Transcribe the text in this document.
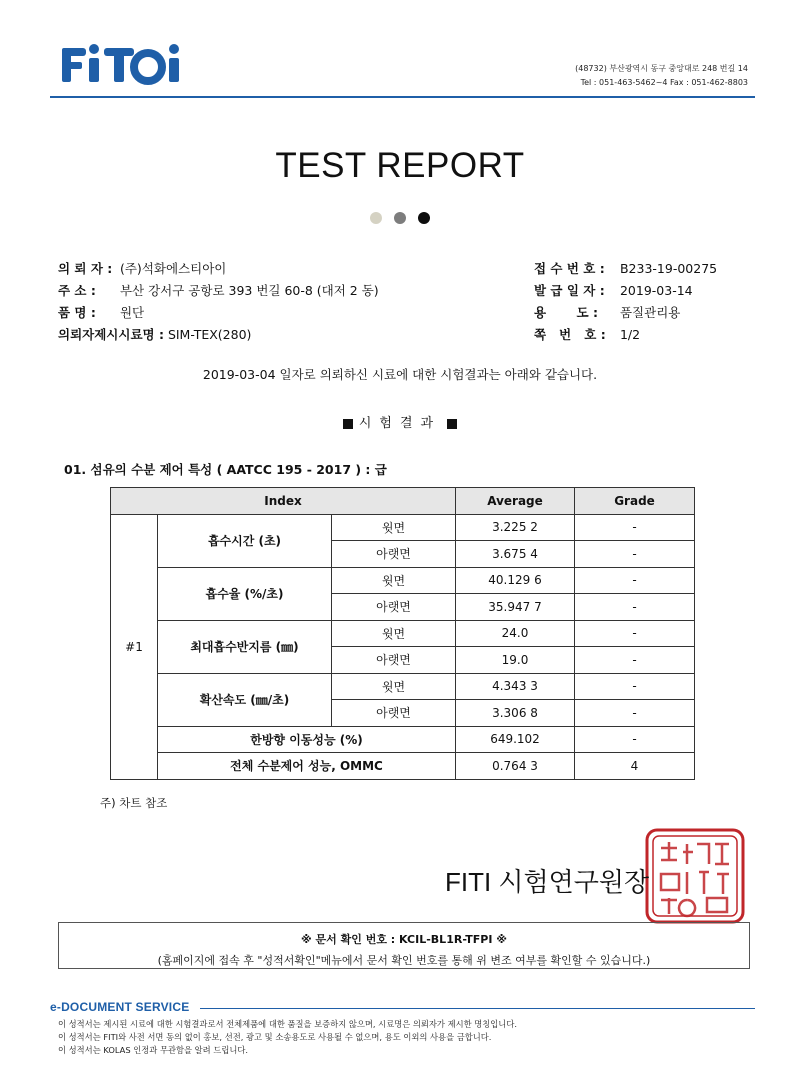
(48732) 부산광역시 동구 중앙대로 248 번길 14
Tel : 051-463-5462~4 Fax : 051-462-8803
TEST REPORT
의 뢰 자 : (주)석화에스티아이
주 소 : 부산 강서구 공항로 393 번길 60-8 (대저 2 동)
품 명 : 원단
의뢰자제시시료명 : SIM-TEX(280)
접 수 번 호 : B233-19-00275
발 급 일 자 : 2019-03-14
용       도 : 품질관리용
쪽   번   호 : 1/2
2019-03-04 일자로 의뢰하신 시료에 대한 시험결과는 아래와 같습니다.
시험결과
01. 섬유의 수분 제어 특성 ( AATCC 195 - 2017 ) : 급
Index			Average	Grade
#1	흡수시간 (초)	윗면	3.225 2	-
		아랫면	3.675 4	-
	흡수율 (%/초)	윗면	40.129 6	-
		아랫면	35.947 7	-
	최대흡수반지름 (㎜)	윗면	24.0	-
		아랫면	19.0	-
	확산속도 (㎜/초)	윗면	4.343 3	-
		아랫면	3.306 8	-
	한방향 이동성능 (%)		649.102	-
	전체 수분제어 성능, OMMC		0.764 3	4
주) 차트 참조
FITI 시험연구원장
※ 문서 확인 번호 : KCIL-BL1R-TFPI ※
(홈페이지에 접속 후 "성적서확인"메뉴에서 문서 확인 번호를 통해 위 변조 여부를 확인할 수 있습니다.)
e-DOCUMENT SERVICE
이 성적서는 제시된 시료에 대한 시험결과로서 전체제품에 대한 품질을 보증하지 않으며, 시료명은 의뢰자가 제시한 명칭입니다.
이 성적서는 FITI와 사전 서면 동의 없이 홍보, 선전, 광고 및 소송용도로 사용될 수 없으며, 용도 이외의 사용을 금합니다.
이 성적서는 KOLAS 인정과 무관함을 알려 드립니다.
